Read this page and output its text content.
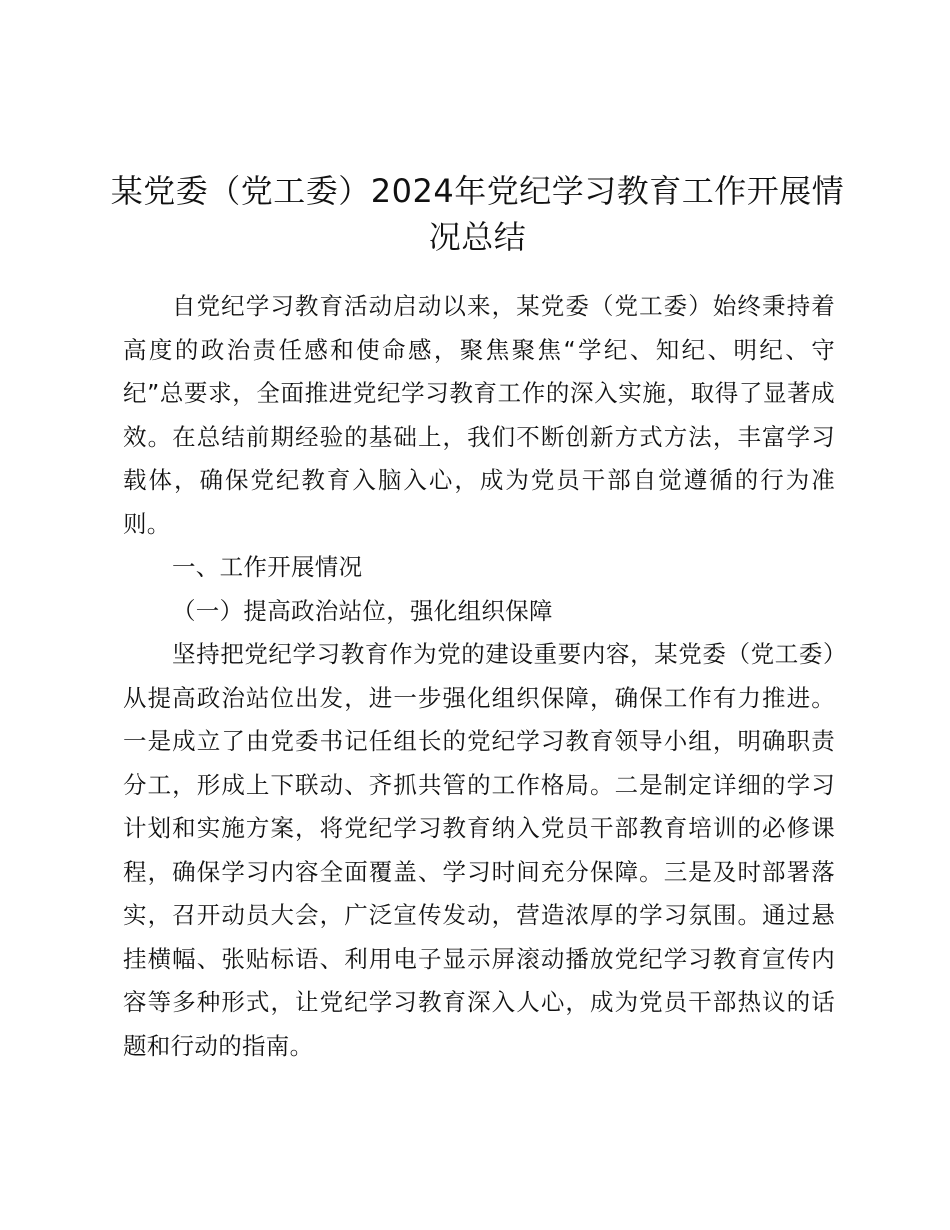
某党委（党工委）2024年党纪学习教育工作开展情况总结

自党纪学习教育活动启动以来，某党委（党工委）始终秉持着高度的政治责任感和使命感，聚焦聚焦“学纪、知纪、明纪、守纪”总要求，全面推进党纪学习教育工作的深入实施，取得了显著成效。在总结前期经验的基础上，我们不断创新方式方法，丰富学习载体，确保党纪教育入脑入心，成为党员干部自觉遵循的行为准则。

一、工作开展情况

（一）提高政治站位，强化组织保障

坚持把党纪学习教育作为党的建设重要内容，某党委（党工委）从提高政治站位出发，进一步强化组织保障，确保工作有力推进。一是成立了由党委书记任组长的党纪学习教育领导小组，明确职责分工，形成上下联动、齐抓共管的工作格局。二是制定详细的学习计划和实施方案，将党纪学习教育纳入党员干部教育培训的必修课程，确保学习内容全面覆盖、学习时间充分保障。三是及时部署落实，召开动员大会，广泛宣传发动，营造浓厚的学习氛围。通过悬挂横幅、张贴标语、利用电子显示屏滚动播放党纪学习教育宣传内容等多种形式，让党纪学习教育深入人心，成为党员干部热议的话题和行动的指南。
